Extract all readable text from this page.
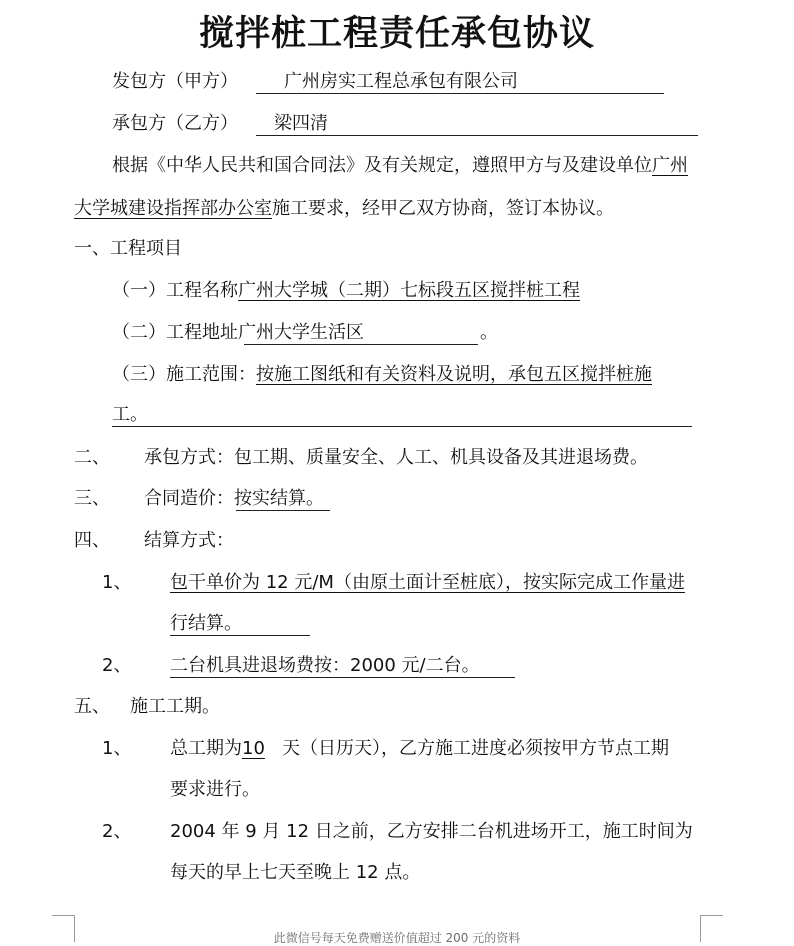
搅拌桩工程责任承包协议
发包方（甲方）	广州房实工程总承包有限公司
承包方（乙方） 梁四清
根据《中华人民共和国合同法》及有关规定，遵照甲方与及建设单位广州
大学城建设指挥部办公室施工要求，经甲乙双方协商，签订本协议。
一、工程项目
（一）工程名称广州大学城（二期）七标段五区搅拌桩工程
（二）工程地址广州大学生活区	。
（三）施工范围：按施工图纸和有关资料及说明，承包五区搅拌桩施
工。
二、 承包方式：包工期、质量安全、人工、机具设备及其进退场费。
三、 合同造价：按实结算。
四、 结算方式：
1、 包干单价为 12 元/M（由原土面计至桩底），按实际完成工作量进
行结算。
2、 二台机具进退场费按：2000 元/二台。
五、 施工工期。
1、 总工期为10 天（日历天），乙方施工进度必须按甲方节点工期
要求进行。
2、 2004 年 9 月 12 日之前，乙方安排二台机进场开工，施工时间为
每天的早上七天至晚上 12 点。
此微信号每天免费赠送价值超过 200 元的资料
